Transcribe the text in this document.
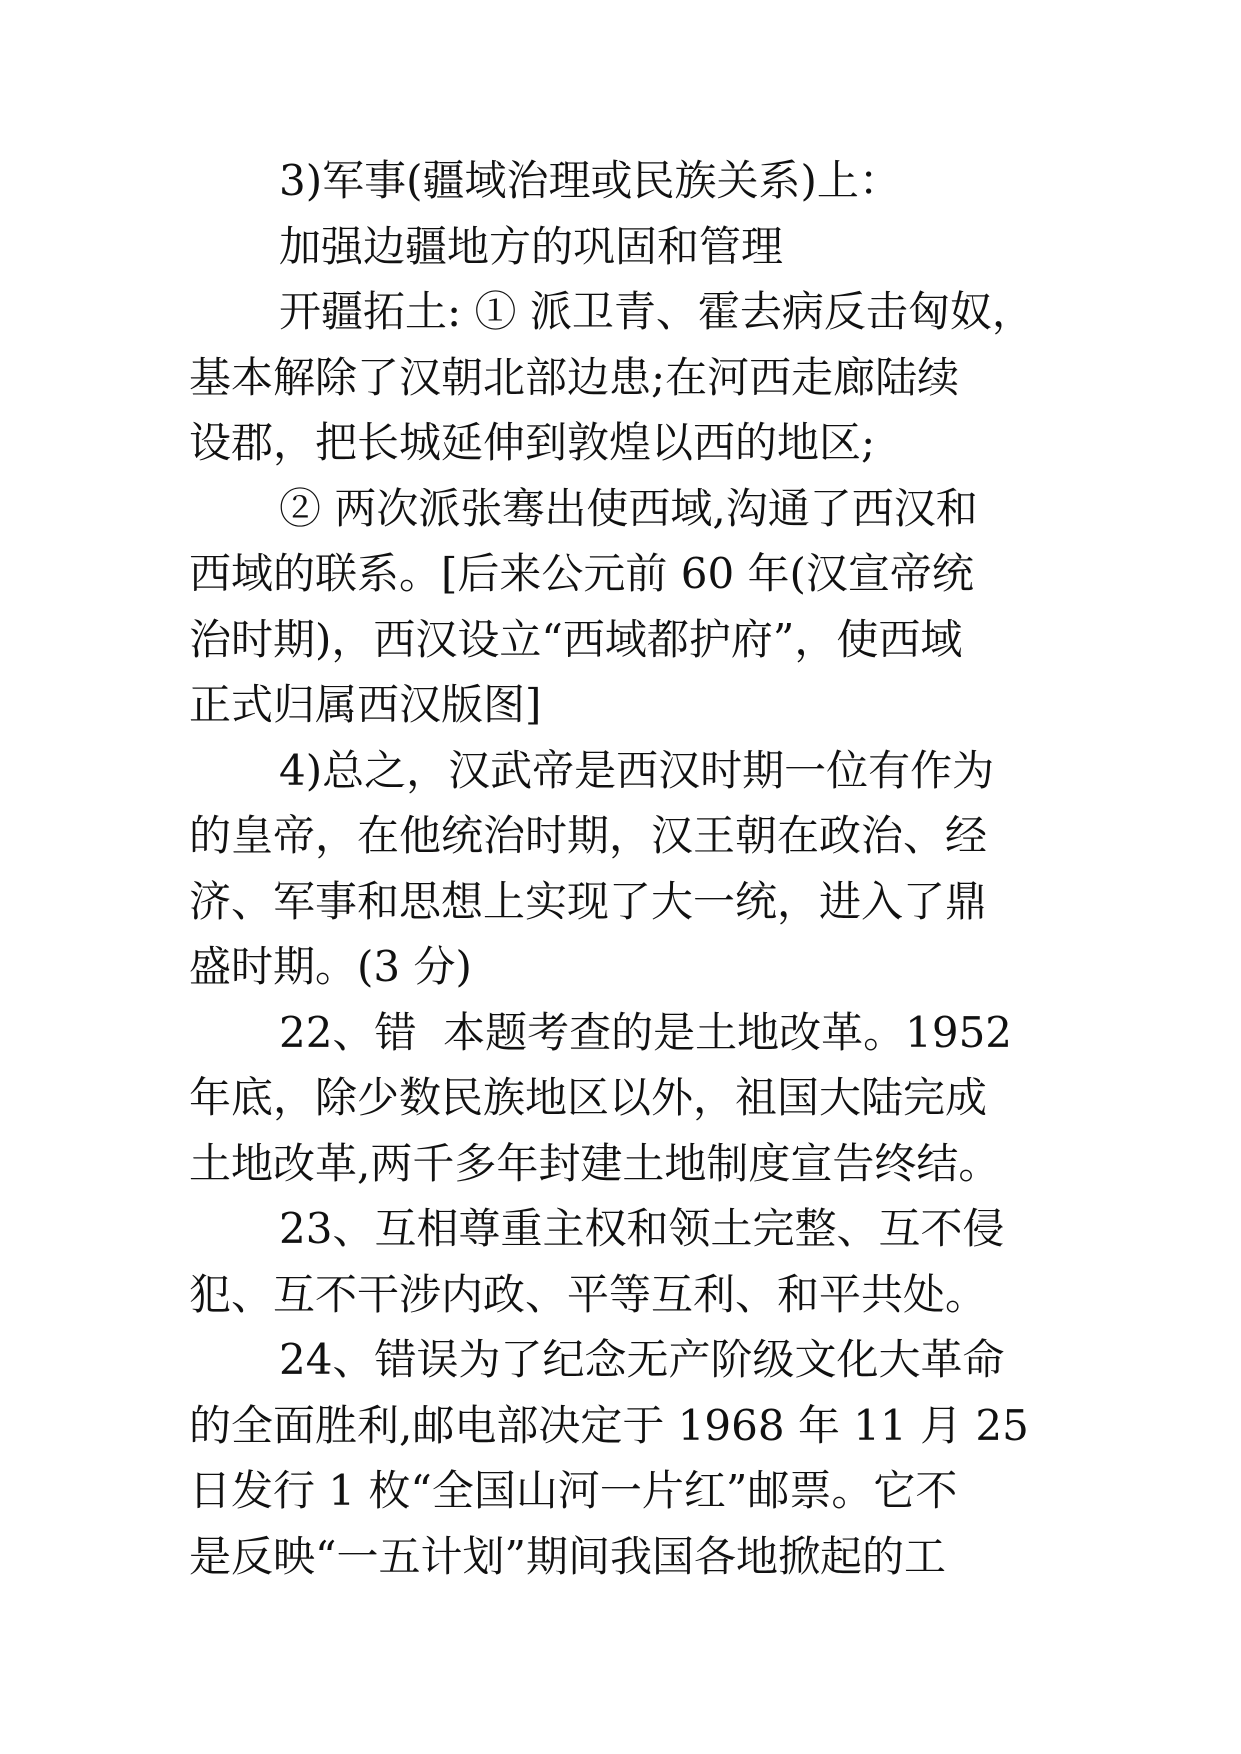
3)军事(疆域治理或民族关系)上：
加强边疆地方的巩固和管理
开疆拓土: ① 派卫青、霍去病反击匈奴，
基本解除了汉朝北部边患;在河西走廊陆续
设郡，把长城延伸到敦煌以西的地区;
② 两次派张骞出使西域,沟通了西汉和
西域的联系。[后来公元前 60 年(汉宣帝统
治时期)，西汉设立“西域都护府”，使西域
正式归属西汉版图]
4)总之，汉武帝是西汉时期一位有作为
的皇帝，在他统治时期，汉王朝在政治、经
济、军事和思想上实现了大一统，进入了鼎
盛时期。(3 分)
22、错  本题考查的是土地改革。1952
年底，除少数民族地区以外，祖国大陆完成
土地改革,两千多年封建土地制度宣告终结。
23、互相尊重主权和领土完整、互不侵
犯、互不干涉内政、平等互利、和平共处。
24、错误为了纪念无产阶级文化大革命
的全面胜利,邮电部决定于 1968 年 11 月 25
日发行 1 枚“全国山河一片红”邮票。它不
是反映“一五计划”期间我国各地掀起的工
